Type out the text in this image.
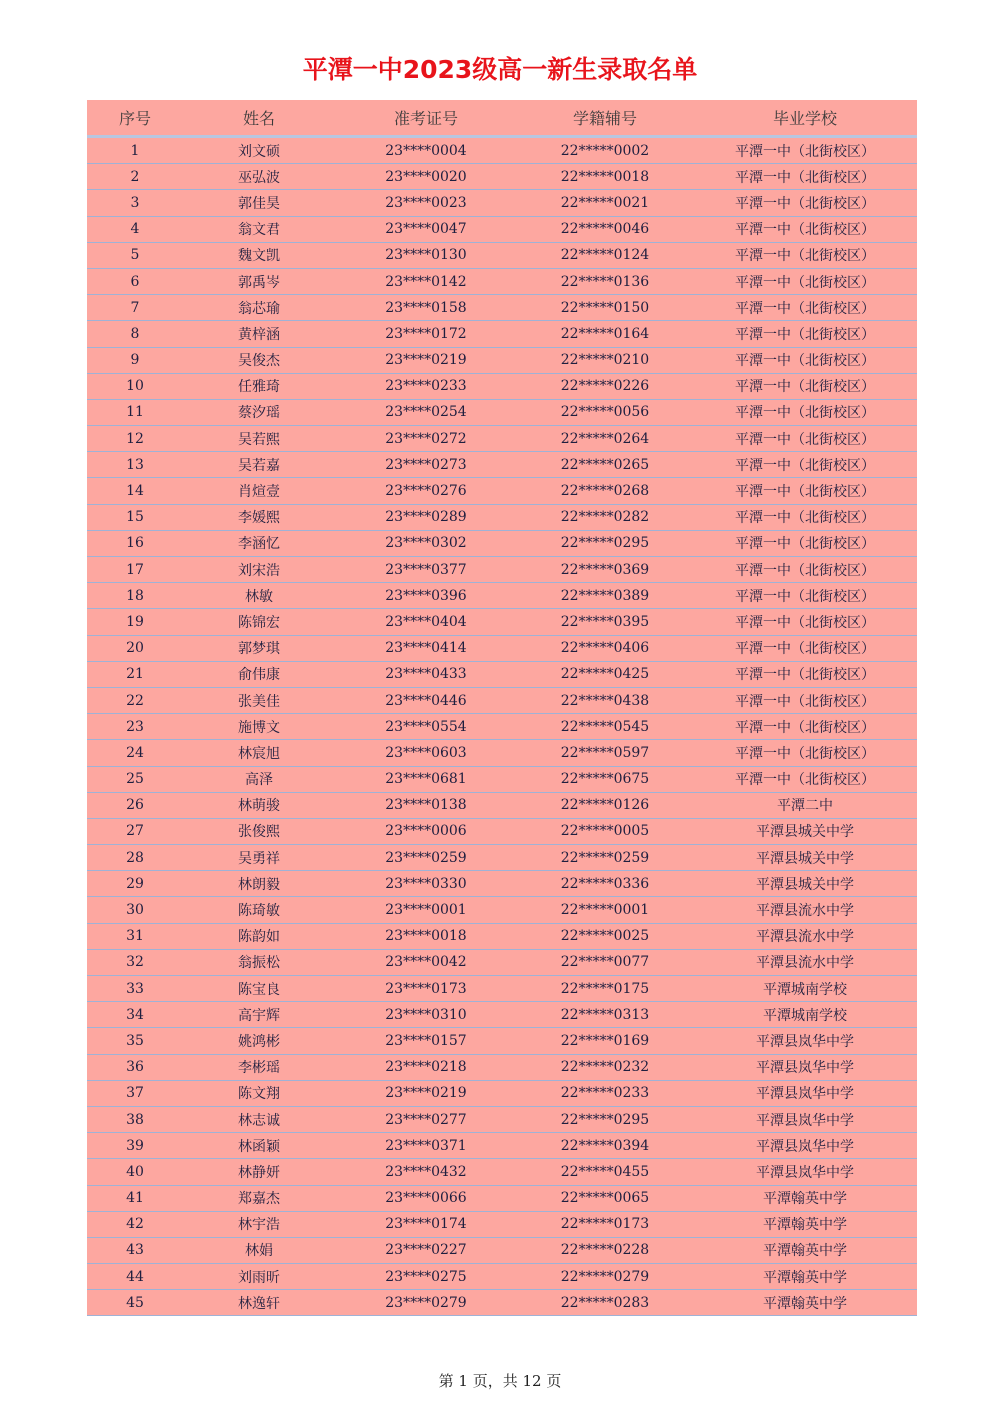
平潭一中2023级高一新生录取名单
序号	姓名	准考证号	学籍辅号	毕业学校
1	刘文硕	23****0004	22*****0002	平潭一中（北街校区）
2	巫弘波	23****0020	22*****0018	平潭一中（北街校区）
3	郭佳昊	23****0023	22*****0021	平潭一中（北街校区）
4	翁文君	23****0047	22*****0046	平潭一中（北街校区）
5	魏文凯	23****0130	22*****0124	平潭一中（北街校区）
6	郭禹岑	23****0142	22*****0136	平潭一中（北街校区）
7	翁芯瑜	23****0158	22*****0150	平潭一中（北街校区）
8	黄梓涵	23****0172	22*****0164	平潭一中（北街校区）
9	吴俊杰	23****0219	22*****0210	平潭一中（北街校区）
10	任雅琦	23****0233	22*****0226	平潭一中（北街校区）
11	蔡汐瑶	23****0254	22*****0056	平潭一中（北街校区）
12	吴若熙	23****0272	22*****0264	平潭一中（北街校区）
13	吴若嘉	23****0273	22*****0265	平潭一中（北街校区）
14	肖煊壹	23****0276	22*****0268	平潭一中（北街校区）
15	李媛熙	23****0289	22*****0282	平潭一中（北街校区）
16	李涵忆	23****0302	22*****0295	平潭一中（北街校区）
17	刘宋浩	23****0377	22*****0369	平潭一中（北街校区）
18	林敏	23****0396	22*****0389	平潭一中（北街校区）
19	陈锦宏	23****0404	22*****0395	平潭一中（北街校区）
20	郭梦琪	23****0414	22*****0406	平潭一中（北街校区）
21	俞伟康	23****0433	22*****0425	平潭一中（北街校区）
22	张美佳	23****0446	22*****0438	平潭一中（北街校区）
23	施博文	23****0554	22*****0545	平潭一中（北街校区）
24	林宸旭	23****0603	22*****0597	平潭一中（北街校区）
25	高泽	23****0681	22*****0675	平潭一中（北街校区）
26	林萌骏	23****0138	22*****0126	平潭二中
27	张俊熙	23****0006	22*****0005	平潭县城关中学
28	吴勇祥	23****0259	22*****0259	平潭县城关中学
29	林朗毅	23****0330	22*****0336	平潭县城关中学
30	陈琦敏	23****0001	22*****0001	平潭县流水中学
31	陈韵如	23****0018	22*****0025	平潭县流水中学
32	翁振松	23****0042	22*****0077	平潭县流水中学
33	陈宝良	23****0173	22*****0175	平潭城南学校
34	高宇辉	23****0310	22*****0313	平潭城南学校
35	姚鸿彬	23****0157	22*****0169	平潭县岚华中学
36	李彬瑶	23****0218	22*****0232	平潭县岚华中学
37	陈文翔	23****0219	22*****0233	平潭县岚华中学
38	林志诚	23****0277	22*****0295	平潭县岚华中学
39	林函颖	23****0371	22*****0394	平潭县岚华中学
40	林静妍	23****0432	22*****0455	平潭县岚华中学
41	郑嘉杰	23****0066	22*****0065	平潭翰英中学
42	林宇浩	23****0174	22*****0173	平潭翰英中学
43	林娟	23****0227	22*****0228	平潭翰英中学
44	刘雨昕	23****0275	22*****0279	平潭翰英中学
45	林逸轩	23****0279	22*****0283	平潭翰英中学
第 1 页，共 12 页
